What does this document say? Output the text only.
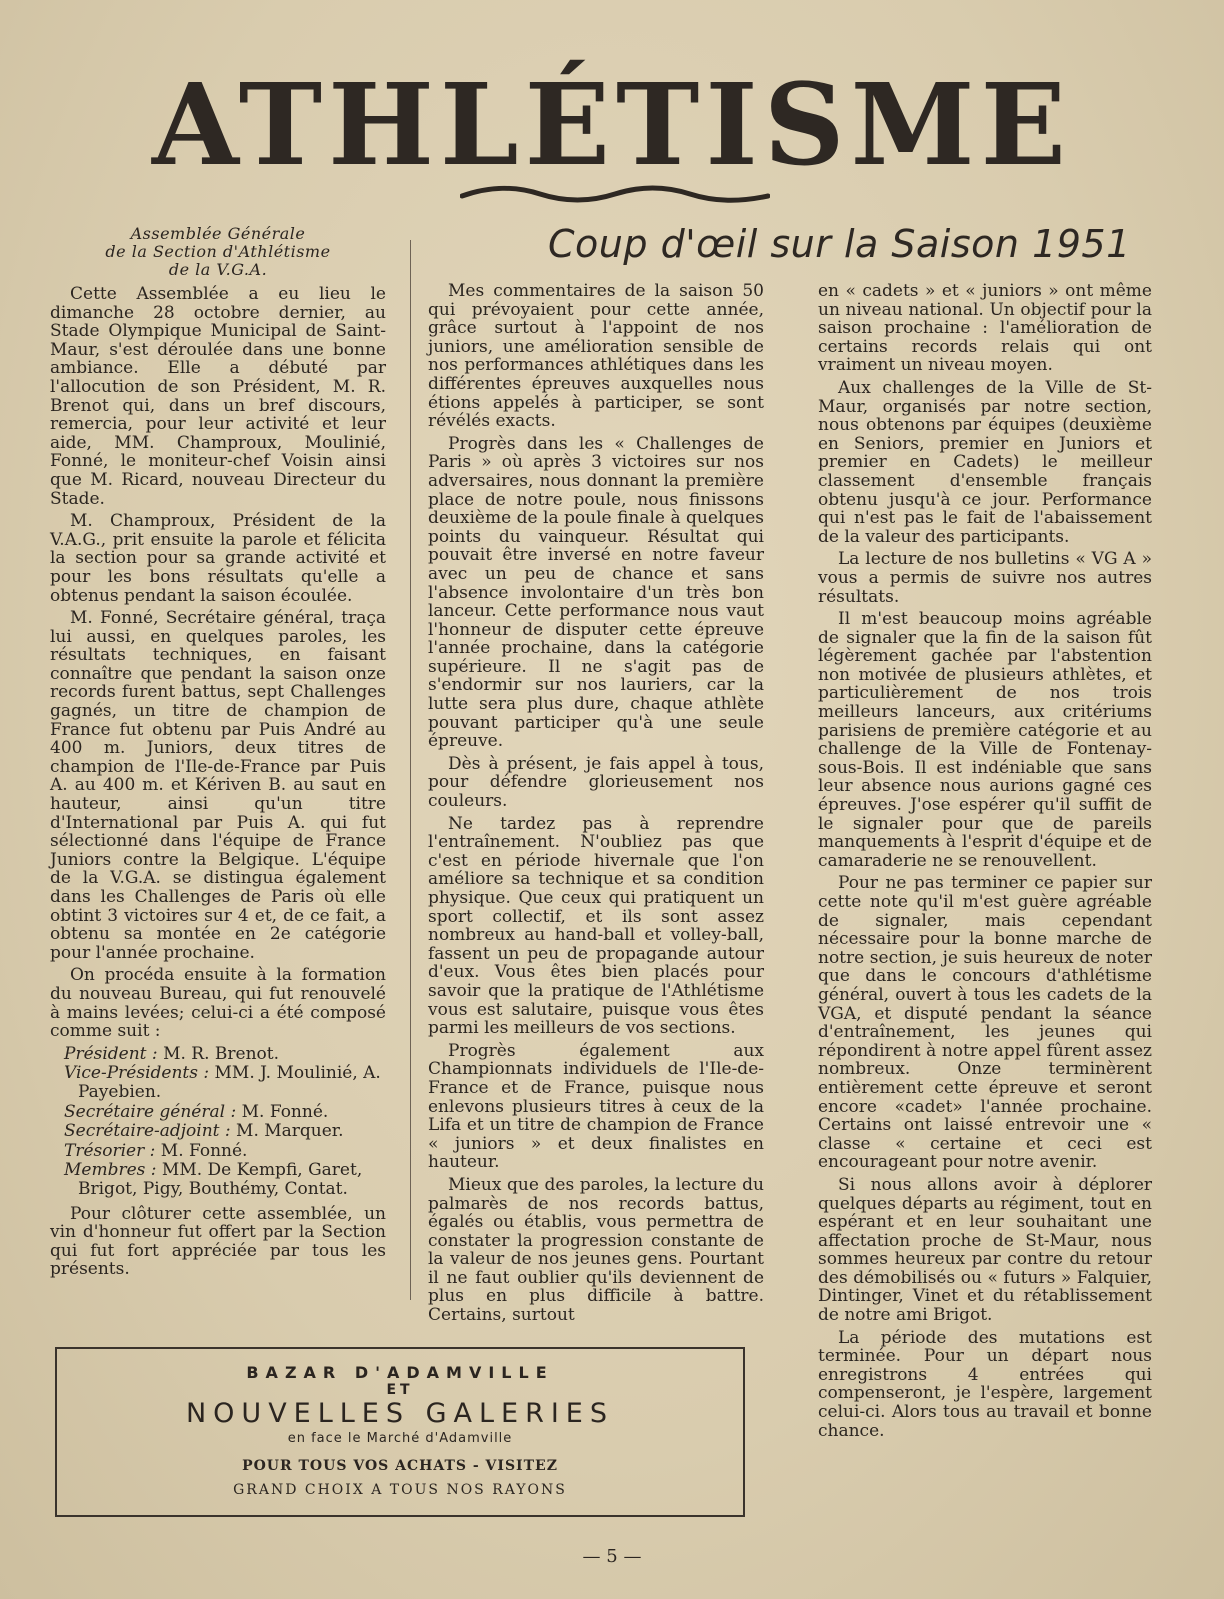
ATHLÉTISME
Assemblée Générale
de la Section d'Athlétisme
de la V.G.A.

Cette Assemblée a eu lieu le dimanche 28 octobre dernier, au Stade Olympique Municipal de Saint-Maur, s'est déroulée dans une bonne ambiance. Elle a débuté par l'allocution de son Président, M. R. Brenot qui, dans un bref discours, remercia, pour leur activité et leur aide, MM. Champroux, Moulinié, Fonné, le moniteur-chef Voisin ainsi que M. Ricard, nouveau Directeur du Stade.

M. Champroux, Président de la V.A.G., prit ensuite la parole et félicita la section pour sa grande activité et pour les bons résultats qu'elle a obtenus pendant la saison écoulée.

M. Fonné, Secrétaire général, traça lui aussi, en quelques paroles, les résultats techniques, en faisant connaître que pendant la saison onze records furent battus, sept Challenges gagnés, un titre de champion de France fut obtenu par Puis André au 400 m. Juniors, deux titres de champion de l'Ile-de-France par Puis A. au 400 m. et Kériven B. au saut en hauteur, ainsi qu'un titre d'International par Puis A. qui fut sélectionné dans l'équipe de France Juniors contre la Belgique. L'équipe de la V.G.A. se distingua également dans les Challenges de Paris où elle obtint 3 victoires sur 4 et, de ce fait, a obtenu sa montée en 2e catégorie pour l'année prochaine.

On procéda ensuite à la formation du nouveau Bureau, qui fut renouvelé à mains levées; celui-ci a été composé comme suit :

Président : M. R. Brenot.
Vice-Présidents : MM. J. Moulinié, A. Payebien.
Secrétaire général : M. Fonné.
Secrétaire-adjoint : M. Marquer.
Trésorier : M. Fonné.
Membres : MM. De Kempfi, Garet, Brigot, Pigy, Bouthémy, Contat.

Pour clôturer cette assemblée, un vin d'honneur fut offert par la Section qui fut fort appréciée par tous les présents.

Coup d'œil sur la Saison 1951

Mes commentaires de la saison 50 qui prévoyaient pour cette année, grâce surtout à l'appoint de nos juniors, une amélioration sensible de nos performances athlétiques dans les différentes épreuves auxquelles nous étions appelés à participer, se sont révélés exacts.

Progrès dans les « Challenges de Paris » où après 3 victoires sur nos adversaires, nous donnant la première place de notre poule, nous finissons deuxième de la poule finale à quelques points du vainqueur. Résultat qui pouvait être inversé en notre faveur avec un peu de chance et sans l'absence involontaire d'un très bon lanceur. Cette performance nous vaut l'honneur de disputer cette épreuve l'année prochaine, dans la catégorie supérieure. Il ne s'agit pas de s'endormir sur nos lauriers, car la lutte sera plus dure, chaque athlète pouvant participer qu'à une seule épreuve.

Dès à présent, je fais appel à tous, pour défendre glorieusement nos couleurs.

Ne tardez pas à reprendre l'entraînement. N'oubliez pas que c'est en période hivernale que l'on améliore sa technique et sa condition physique. Que ceux qui pratiquent un sport collectif, et ils sont assez nombreux au hand-ball et volley-ball, fassent un peu de propagande autour d'eux. Vous êtes bien placés pour savoir que la pratique de l'Athlétisme vous est salutaire, puisque vous êtes parmi les meilleurs de vos sections.

Progrès également aux Championnats individuels de l'Ile-de-France et de France, puisque nous enlevons plusieurs titres à ceux de la Lifa et un titre de champion de France « juniors » et deux finalistes en hauteur.

Mieux que des paroles, la lecture du palmarès de nos records battus, égalés ou établis, vous permettra de constater la progression constante de la valeur de nos jeunes gens. Pourtant il ne faut oublier qu'ils deviennent de plus en plus difficile à battre. Certains, surtout

en « cadets » et « juniors » ont même un niveau national. Un objectif pour la saison prochaine : l'amélioration de certains records relais qui ont vraiment un niveau moyen.

Aux challenges de la Ville de St-Maur, organisés par notre section, nous obtenons par équipes (deuxième en Seniors, premier en Juniors et premier en Cadets) le meilleur classement d'ensemble français obtenu jusqu'à ce jour. Performance qui n'est pas le fait de l'abaissement de la valeur des participants.

La lecture de nos bulletins « VG A » vous a permis de suivre nos autres résultats.

Il m'est beaucoup moins agréable de signaler que la fin de la saison fût légèrement gachée par l'abstention non motivée de plusieurs athlètes, et particulièrement de nos trois meilleurs lanceurs, aux critériums parisiens de première catégorie et au challenge de la Ville de Fontenay-sous-Bois. Il est indéniable que sans leur absence nous aurions gagné ces épreuves. J'ose espérer qu'il suffit de le signaler pour que de pareils manquements à l'esprit d'équipe et de camaraderie ne se renouvellent.

Pour ne pas terminer ce papier sur cette note qu'il m'est guère agréable de signaler, mais cependant nécessaire pour la bonne marche de notre section, je suis heureux de noter que dans le concours d'athlétisme général, ouvert à tous les cadets de la VGA, et disputé pendant la séance d'entraînement, les jeunes qui répondirent à notre appel fûrent assez nombreux. Onze terminèrent entièrement cette épreuve et seront encore «cadet» l'année prochaine. Certains ont laissé entrevoir une « classe « certaine et ceci est encourageant pour notre avenir.

Si nous allons avoir à déplorer quelques départs au régiment, tout en espérant et en leur souhaitant une affectation proche de St-Maur, nous sommes heureux par contre du retour des démobilisés ou « futurs » Falquier, Dintinger, Vinet et du rétablissement de notre ami Brigot.

La période des mutations est terminée. Pour un départ nous enregistrons 4 entrées qui compenseront, je l'espère, largement celui-ci. Alors tous au travail et bonne chance.

BAZAR D'ADAMVILLE
ET
NOUVELLES GALERIES
en face le Marché d'Adamville
POUR TOUS VOS ACHATS - VISITEZ
GRAND CHOIX A TOUS NOS RAYONS
— 5 —
